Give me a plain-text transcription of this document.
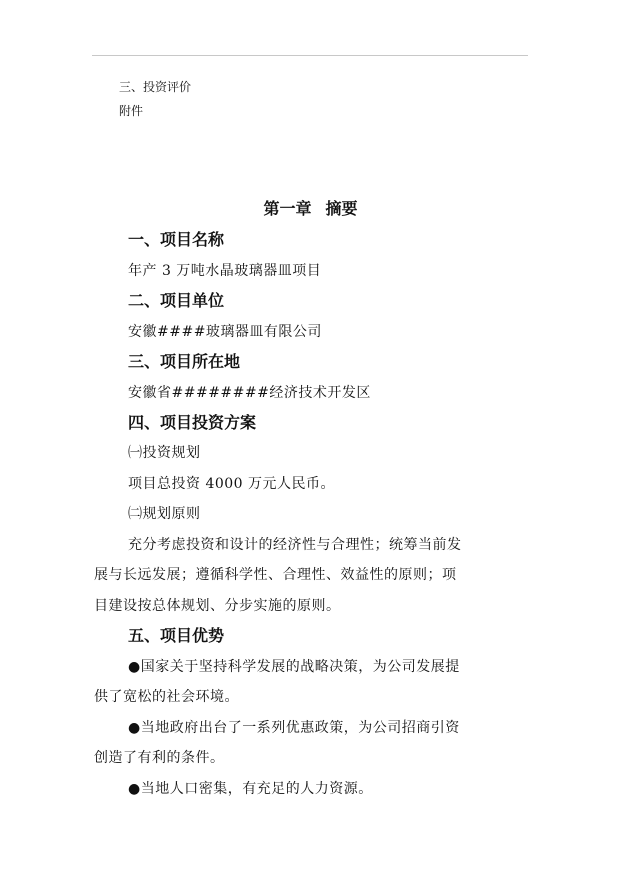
三、投资评价
附件
第一章 摘要
一、项目名称
年产 3 万吨水晶玻璃器皿项目
二、项目单位
安徽####玻璃器皿有限公司
三、项目所在地
安徽省########经济技术开发区
四、项目投资方案
㈠投资规划
项目总投资 4000 万元人民币。
㈡规划原则
充分考虑投资和设计的经济性与合理性；统筹当前发
展与长远发展；遵循科学性、合理性、效益性的原则；项
目建设按总体规划、分步实施的原则。
五、项目优势
●国家关于坚持科学发展的战略决策，为公司发展提
供了宽松的社会环境。
●当地政府出台了一系列优惠政策，为公司招商引资
创造了有利的条件。
●当地人口密集，有充足的人力资源。
